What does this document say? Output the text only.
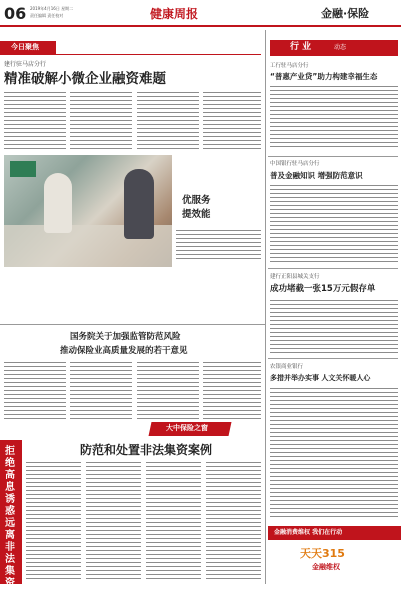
06 2019年4月16日 星期二
责任编辑 责任校对	健康周报	金融·保险
今日聚焦
建行驻马店分行
精准破解小微企业融资难题
优服务
提效能
行 业	动态
工行驻马店分行
“普惠产业贷”助力构建幸福生态
中国银行驻马店分行
普及金融知识 增强防范意识
建行正阳县城关支行
成功堵截一张15万元假存单
农银商业银行
多措并举办实事 人文关怀暖人心
金融消费维权 我们在行动
天天315
金融维权
国务院关于加强监管防范风险
推动保险业高质量发展的若干意见
大中保险之窗
拒绝高息诱惑 远离非法集资
防范和处置非法集资案例
